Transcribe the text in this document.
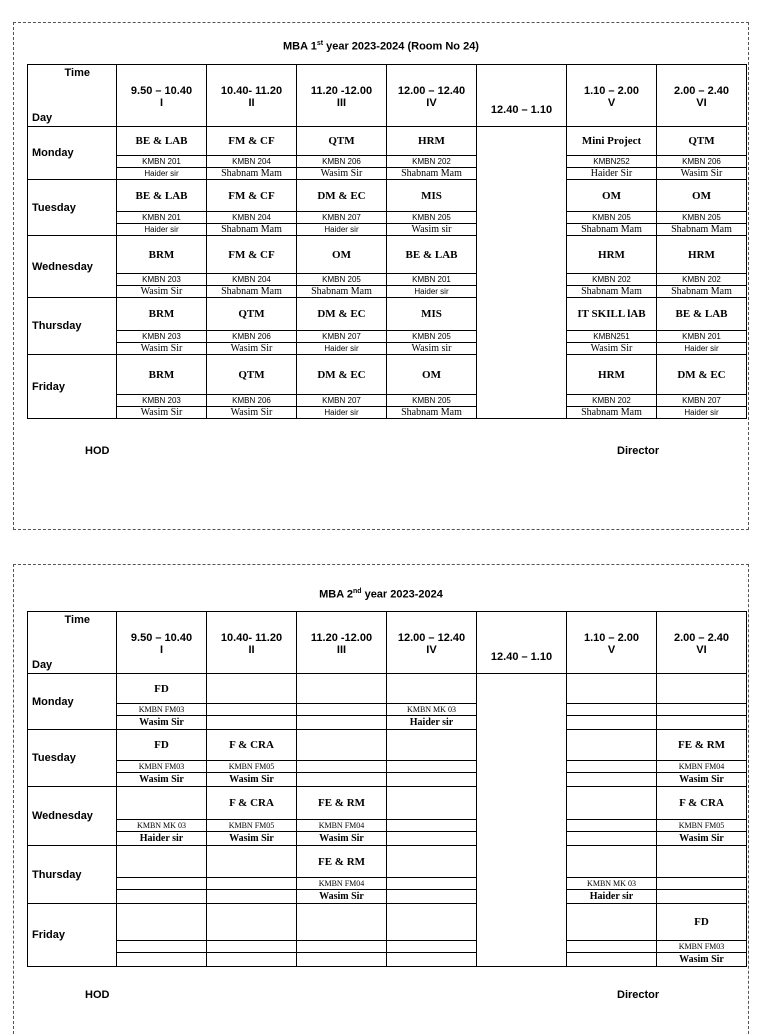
MBA 1st year 2023-2024 (Room No 24)
Time
Day	9.50 – 10.40	10.40- 11.20	11.20 -12.00	12.00 – 12.40	12.40 – 1.10	1.10 – 2.00	2.00 – 2.40
	I	II	III	IV		V	VI
Monday	BE & LAB	FM & CF	QTM	HRM		Mini Project	QTM
	KMBN 201	KMBN 204	KMBN 206	KMBN 202		KMBN252	KMBN 206
	Haider sir	Shabnam Mam	Wasim Sir	Shabnam Mam		Haider Sir	Wasim Sir
Tuesday	BE & LAB	FM & CF	DM & EC	MIS		OM	OM
	KMBN 201	KMBN 204	KMBN 207	KMBN 205		KMBN 205	KMBN 205
	Haider sir	Shabnam Mam	Haider sir	Wasim sir		Shabnam Mam	Shabnam Mam
Wednesday	BRM	FM & CF	OM	BE & LAB		HRM	HRM
	KMBN 203	KMBN 204	KMBN 205	KMBN 201		KMBN 202	KMBN 202
	Wasim Sir	Shabnam Mam	Shabnam Mam	Haider sir		Shabnam Mam	Shabnam Mam
Thursday	BRM	QTM	DM & EC	MIS		IT SKILL lAB	BE & LAB
	KMBN 203	KMBN 206	KMBN 207	KMBN 205		KMBN251	KMBN 201
	Wasim Sir	Wasim Sir	Haider sir	Wasim sir		Wasim Sir	Haider sir
Friday	BRM	QTM	DM & EC	OM		HRM	DM & EC
	KMBN 203	KMBN 206	KMBN 207	KMBN 205		KMBN 202	KMBN 207
	Wasim Sir	Wasim Sir	Haider sir	Shabnam Mam		Shabnam Mam	Haider sir
HOD	Director
MBA 2nd year 2023-2024
Time
Day	9.50 – 10.40	10.40- 11.20	11.20 -12.00	12.00 – 12.40	12.40 – 1.10	1.10 – 2.00	2.00 – 2.40
	I	II	III	IV		V	VI
Monday	FD						
	KMBN FM03			KMBN MK 03			
	Wasim Sir			Haider sir			
Tuesday	FD	F & CRA					FE & RM
	KMBN FM03	KMBN FM05					KMBN FM04
	Wasim Sir	Wasim Sir					Wasim Sir
Wednesday		F & CRA	FE & RM				F & CRA
	KMBN MK 03	KMBN FM05	KMBN FM04				KMBN FM05
	Haider sir	Wasim Sir	Wasim Sir				Wasim Sir
Thursday			FE & RM				
			KMBN FM04			KMBN MK 03	
			Wasim Sir			Haider sir	
Friday							FD
							KMBN FM03
							Wasim Sir
HOD	Director
